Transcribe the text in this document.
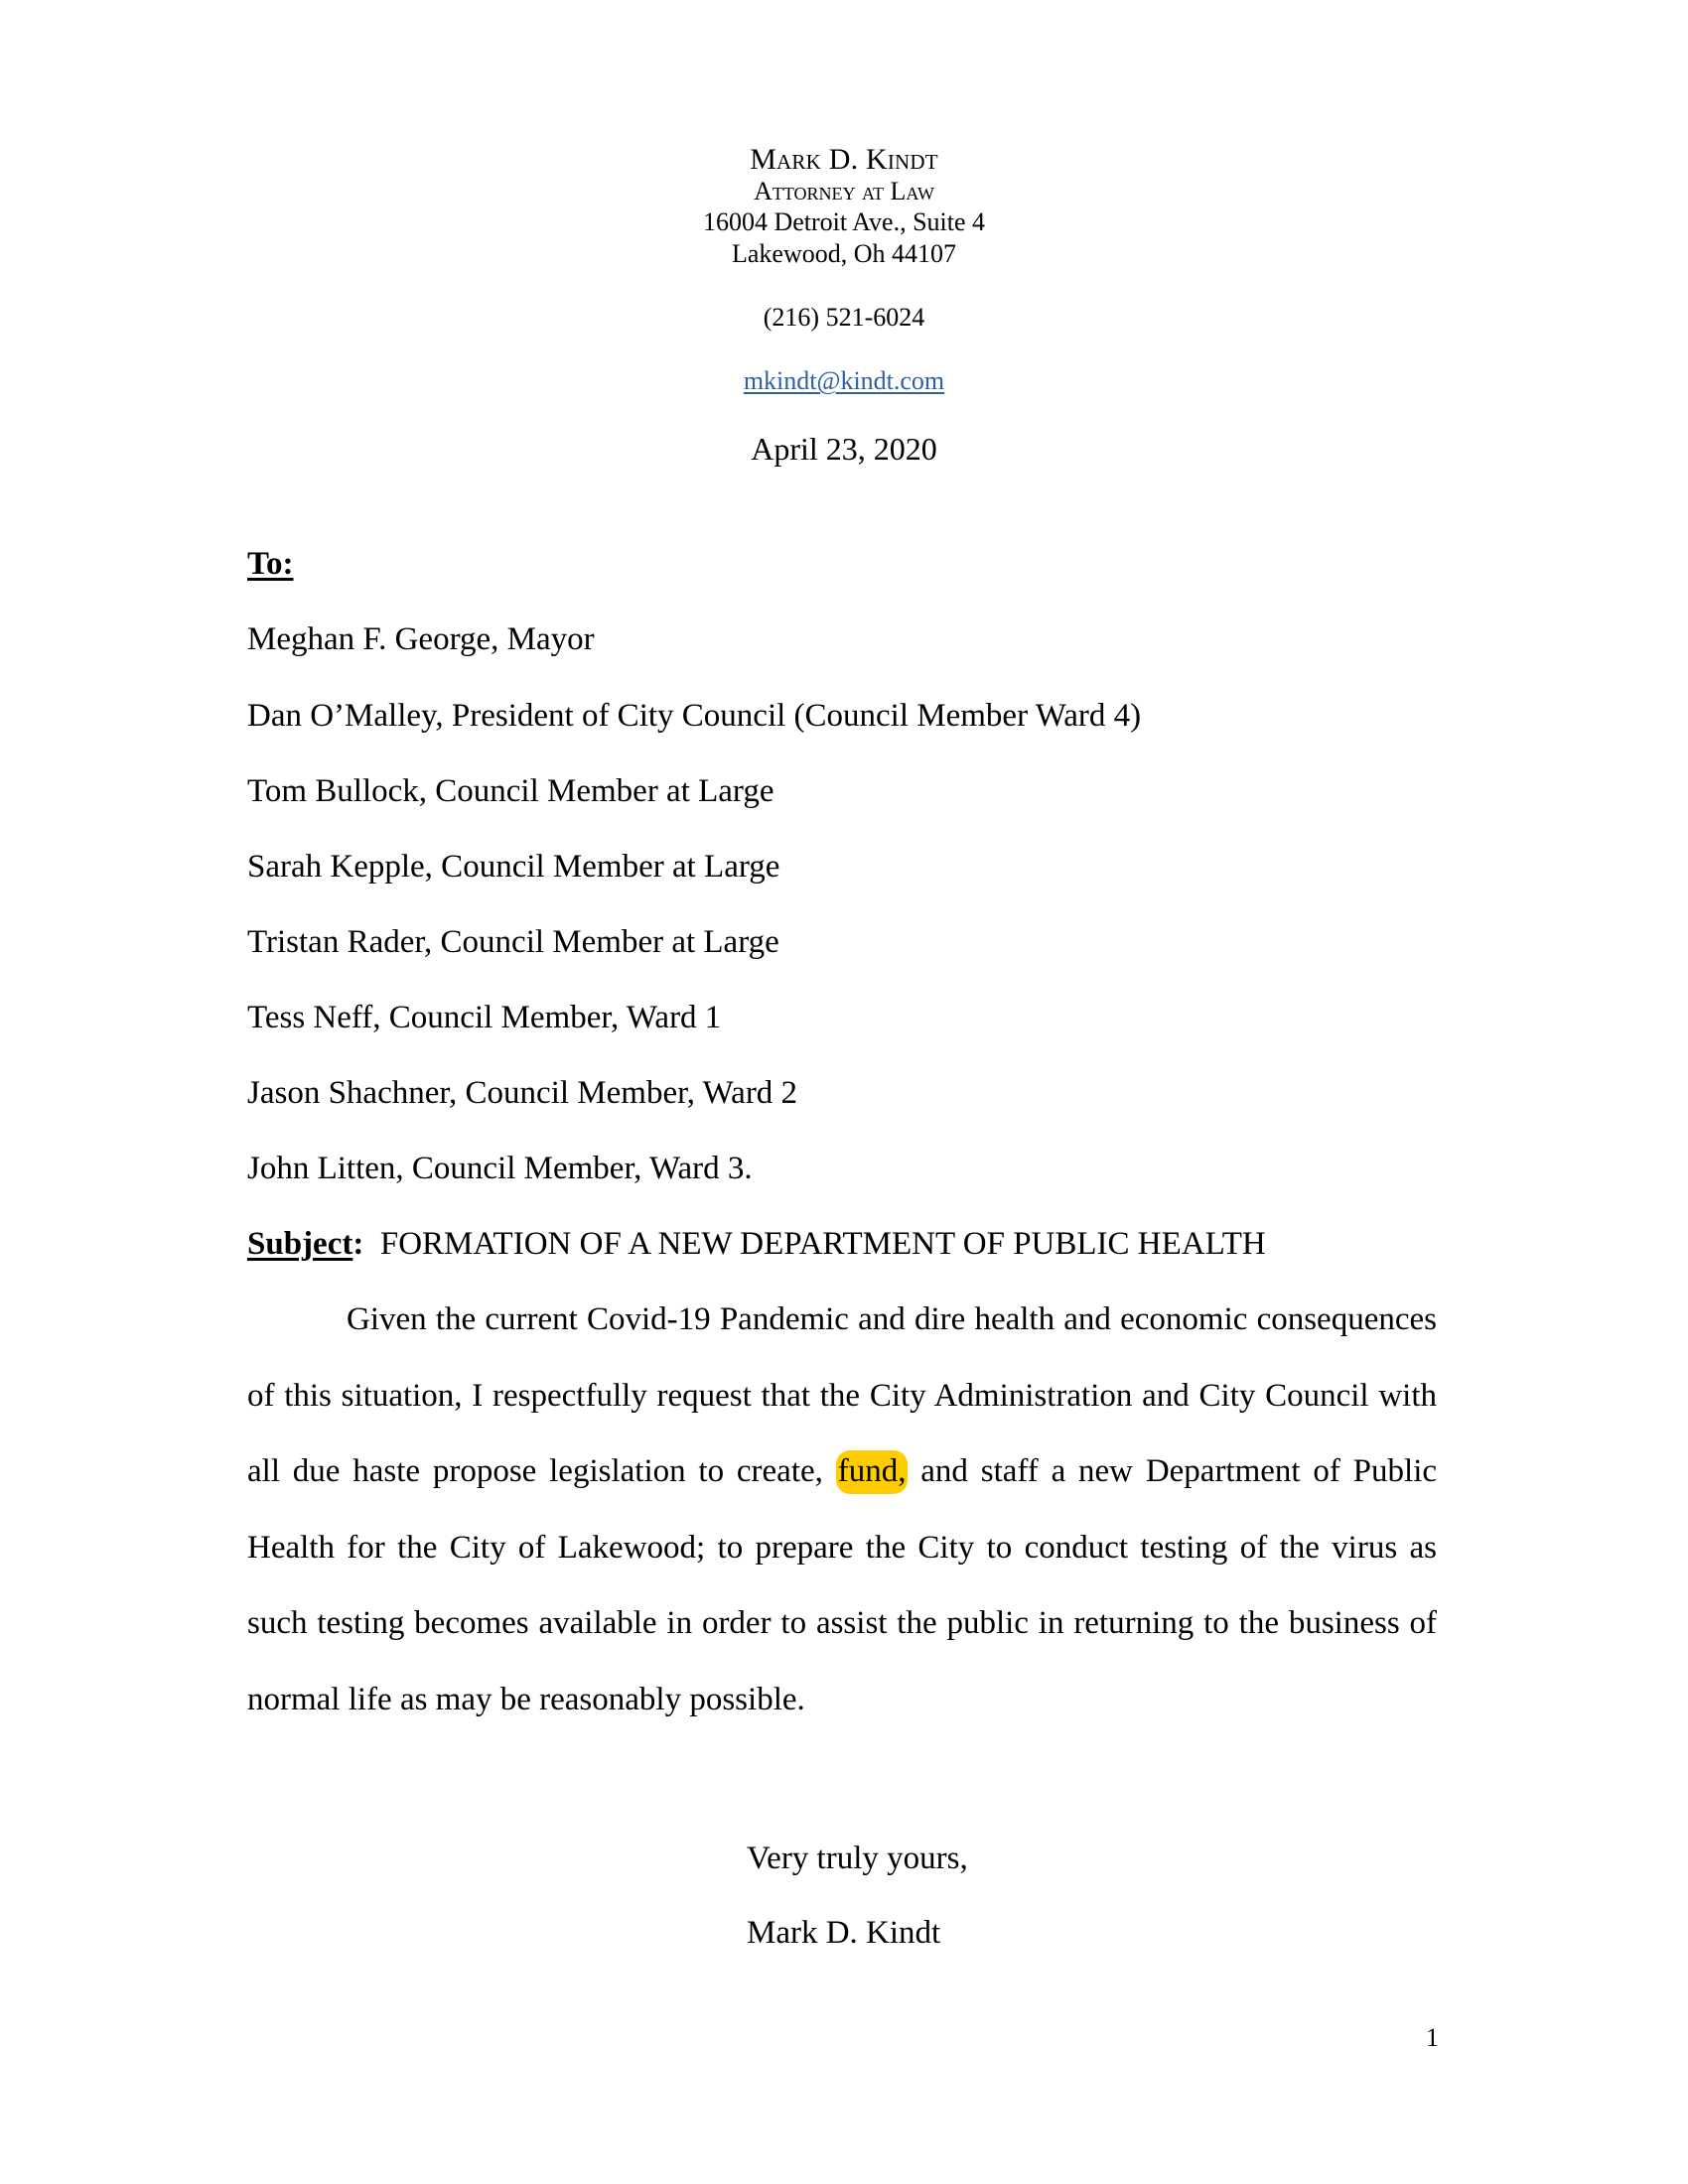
Mark D. Kindt
Attorney at Law
16004 Detroit Ave., Suite 4
Lakewood, Oh 44107
(216) 521-6024
mkindt@kindt.com
April 23, 2020
To:
Meghan F. George, Mayor
Dan O’Malley, President of City Council (Council Member Ward 4)
Tom Bullock, Council Member at Large
Sarah Kepple, Council Member at Large
Tristan Rader, Council Member at Large
Tess Neff, Council Member, Ward 1
Jason Shachner, Council Member, Ward 2
John Litten, Council Member, Ward 3.
Subject: FORMATION OF A NEW DEPARTMENT OF PUBLIC HEALTH
Given the current Covid-19 Pandemic and dire health and economic consequences
of this situation, I respectfully request that the City Administration and City Council with
all due haste propose legislation to create, fund, and staff a new Department of Public
Health for the City of Lakewood; to prepare the City to conduct testing of the virus as
such testing becomes available in order to assist the public in returning to the business of
normal life as may be reasonably possible.
Very truly yours,
Mark D. Kindt
1
